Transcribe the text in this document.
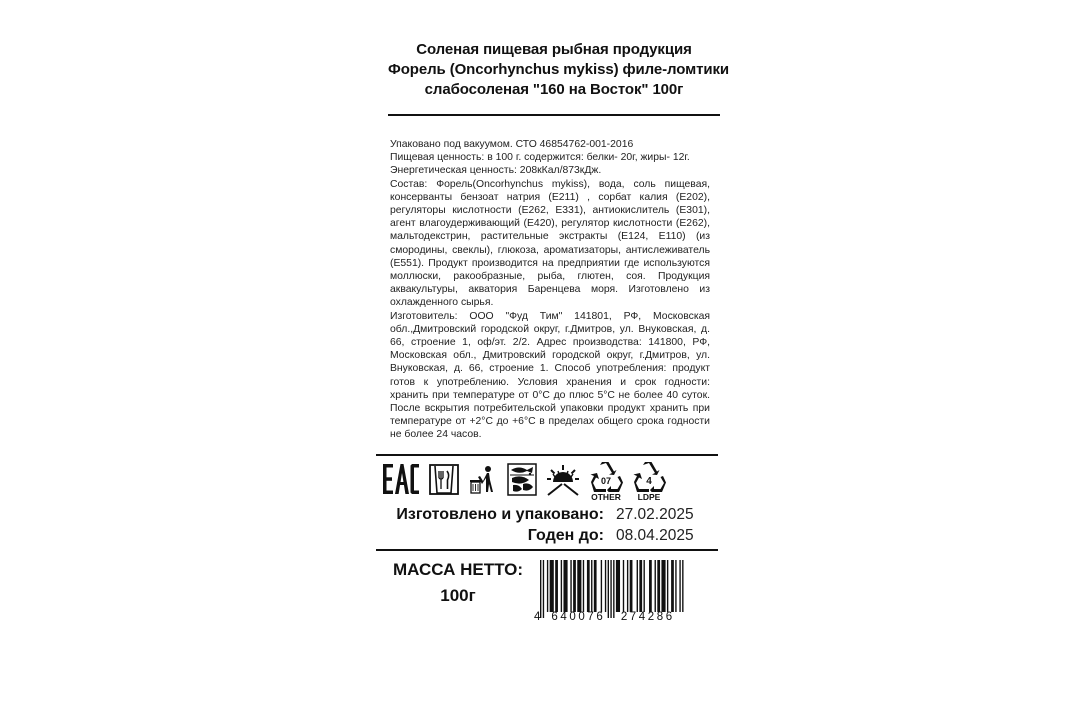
Соленая пищевая рыбная продукция
Форель (Oncorhynchus mykiss) филе-ломтики
слабосоленая "160 на Восток" 100г

Упаковано под вакуумом. СТО 46854762-001-2016

Пищевая ценность: в 100 г. содержится: белки- 20г, жиры- 12г.

Энергетическая ценность: 208кКал/873кДж.

Состав: Форель(Oncorhynchus mykiss), вода, соль пищевая, консерванты бензоат натрия (E211) , сорбат калия (E202), регуляторы кислотности (E262, E331), антиокислитель (E301), агент влагоудерживающий (E420), регулятор кислотности (E262), мальтодекстрин, растительные экстракты (E124, E110) (из смородины, свеклы), глюкоза, ароматизаторы, антислеживатель (E551). Продукт производится на предприятии где используются моллюски, ракообразные, рыба, глютен, соя. Продукция аквакультуры, акватория Баренцева моря. Изготовлено из охлажденного сырья.

Изготовитель: ООО "Фуд Тим" 141801, РФ, Московская обл.,Дмитровский городской округ, г.Дмитров, ул. Внуковская, д. 66, строение 1, оф/эт. 2/2. Адрес производства: 141800, РФ, Московская обл., Дмитровский городской округ, г.Дмитров, ул. Внуковская, д. 66, строение 1. Способ употребления: продукт готов к употреблению. Условия хранения и срок годности: хранить при температуре от 0°С до плюс 5°С не более 40 суток. После вскрытия потребительской упаковки продукт хранить при температуре от +2°С до +6°С в пределах общего срока годности не более 24 часов.

07
OTHER
4
LDPE
Изготовлено и упаковано: 27.02.2025
Годен до: 08.04.2025
МАССА НЕТТО:
100г
4 640076 274286
